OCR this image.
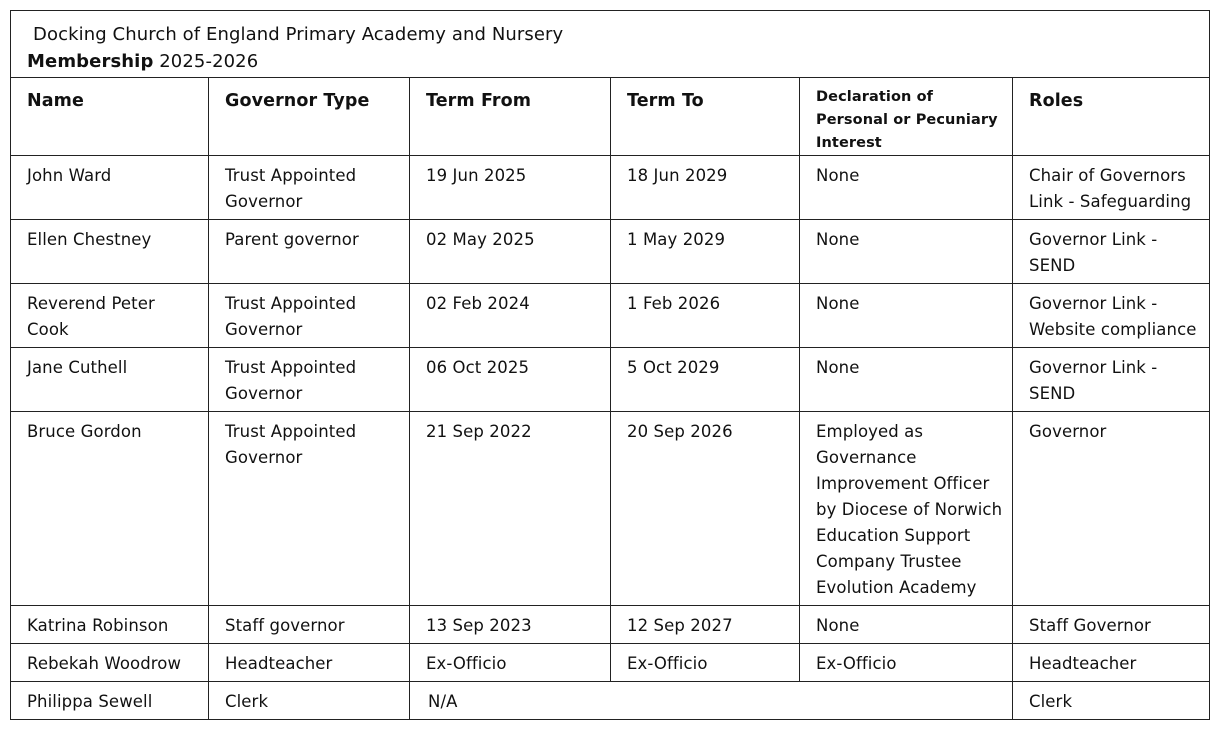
Docking Church of England Primary Academy and Nursery
Membership 2025-2026					

Name	Governor Type	Term From	Term To	Declaration of Personal or Pecuniary Interest	Roles
John Ward	Trust Appointed Governor	19 Jun 2025	18 Jun 2029	None	Chair of Governors Link - Safeguarding
Ellen Chestney	Parent governor	02 May 2025	1 May 2029	None	Governor Link - SEND
Reverend Peter Cook	Trust Appointed Governor	02 Feb 2024	1 Feb 2026	None	Governor Link - Website compliance
Jane Cuthell	Trust Appointed Governor	06 Oct 2025	5 Oct 2029	None	Governor Link - SEND
Bruce Gordon	Trust Appointed Governor	21 Sep 2022	20 Sep 2026	Employed as Governance Improvement Officer by Diocese of Norwich Education Support Company Trustee Evolution Academy	Governor
Katrina Robinson	Staff governor	13 Sep 2023	12 Sep 2027	None	Staff Governor
Rebekah Woodrow	Headteacher	Ex-Officio	Ex-Officio	Ex-Officio	Headteacher
Philippa Sewell	Clerk	N/A			Clerk
